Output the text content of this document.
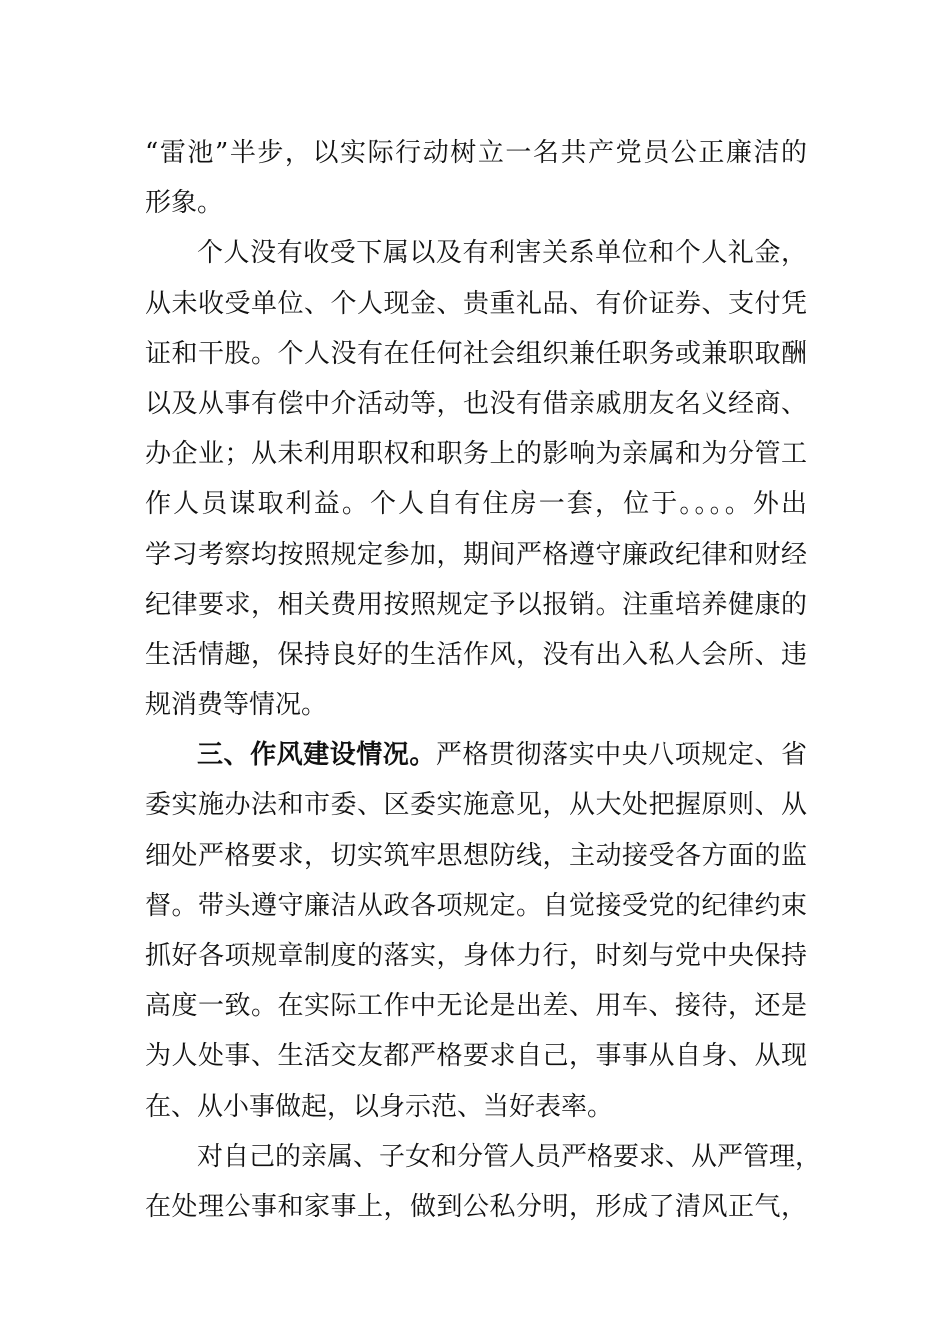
“雷池”半步，以实际行动树立一名共产党员公正廉洁的
形象。
个人没有收受下属以及有利害关系单位和个人礼金，
从未收受单位、个人现金、贵重礼品、有价证券、支付凭
证和干股。个人没有在任何社会组织兼任职务或兼职取酬
以及从事有偿中介活动等，也没有借亲戚朋友名义经商、
办企业；从未利用职权和职务上的影响为亲属和为分管工
作人员谋取利益。个人自有住房一套，位于。。。。外出
学习考察均按照规定参加，期间严格遵守廉政纪律和财经
纪律要求，相关费用按照规定予以报销。注重培养健康的
生活情趣，保持良好的生活作风，没有出入私人会所、违
规消费等情况。
三、作风建设情况。严格贯彻落实中央八项规定、省
委实施办法和市委、区委实施意见，从大处把握原则、从
细处严格要求，切实筑牢思想防线，主动接受各方面的监
督。带头遵守廉洁从政各项规定。自觉接受党的纪律约束
抓好各项规章制度的落实，身体力行，时刻与党中央保持
高度一致。在实际工作中无论是出差、用车、接待，还是
为人处事、生活交友都严格要求自己，事事从自身、从现
在、从小事做起，以身示范、当好表率。
对自己的亲属、子女和分管人员严格要求、从严管理，
在处理公事和家事上，做到公私分明，形成了清风正气，
